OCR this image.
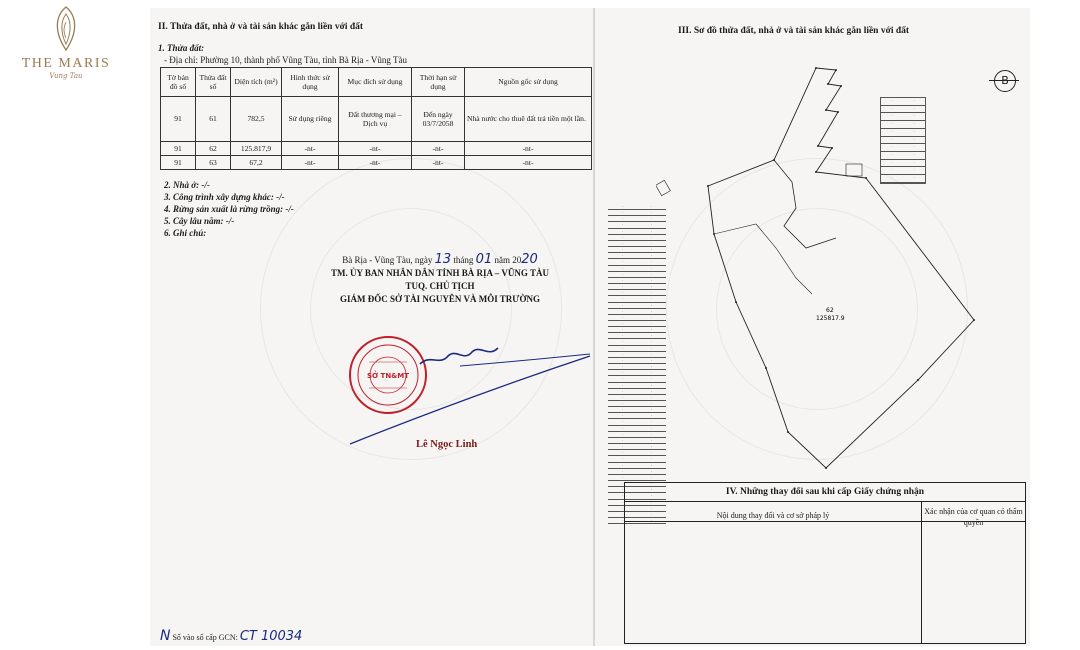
THE MARIS
Vung Tau
II. Thửa đất, nhà ở và tài sản khác gắn liền với đất
1. Thửa đất:
- Địa chỉ: Phường 10, thành phố Vũng Tàu, tỉnh Bà Rịa - Vũng Tàu
Tờ bản đồ số	Thửa đất số	Diện tích (m²)	Hình thức sử dụng	Mục đích sử dụng	Thời hạn sử dụng	Nguồn gốc sử dụng
91	61	782,5	Sử dụng riêng	Đất thương mại – Dịch vụ	Đến ngày 03/7/2058	Nhà nước cho thuê đất trả tiền một lần.
91	62	125.817,9	-nt-	-nt-	-nt-	-nt-
91	63	67,2	-nt-	-nt-	-nt-	-nt-
2. Nhà ở: -/-
3. Công trình xây dựng khác: -/-
4. Rừng sản xuất là rừng trồng: -/-
5. Cây lâu năm: -/-
6. Ghi chú:
Bà Rịa - Vũng Tàu, ngày 13 tháng 01 năm 2020
TM. ỦY BAN NHÂN DÂN TỈNH BÀ RỊA – VŨNG TÀU
TUQ. CHỦ TỊCH
GIÁM ĐỐC SỞ TÀI NGUYÊN VÀ MÔI TRƯỜNG
SỞ TN&MT
Lê Ngọc Linh
N Số vào sổ cấp GCN: CT 10034
III. Sơ đồ thửa đất, nhà ở và tài sản khác gắn liền với đất
·	·
·	·
·	·
·	·
·	·
·	·
·	·
·	·
·	·
·	·
·	·
·	·
·	·
·	·
·	·
·	·
·	·
·	·
·	·
·	·
·	·
·	·
·	·
·	·
·	·
·	·
·	·
·	·
·	·
·	·
·	·
·	·
·	·
·	·
·	·
·	·
·	·
·	·
·	·
·	·
·	·
·	·
·	·
·	·
·	·
·	·
·	·
·	·
·	·
·	·
·	·
·	·
·	·
·	·
·	·
·	·
·	·
·	·
·	·
·	·
·	·
·	·
·	·
62
125817.9
IV. Những thay đổi sau khi cấp Giấy chứng nhận
Nội dung thay đổi và cơ sở pháp lý	Xác nhận của cơ quan có thẩm quyền
